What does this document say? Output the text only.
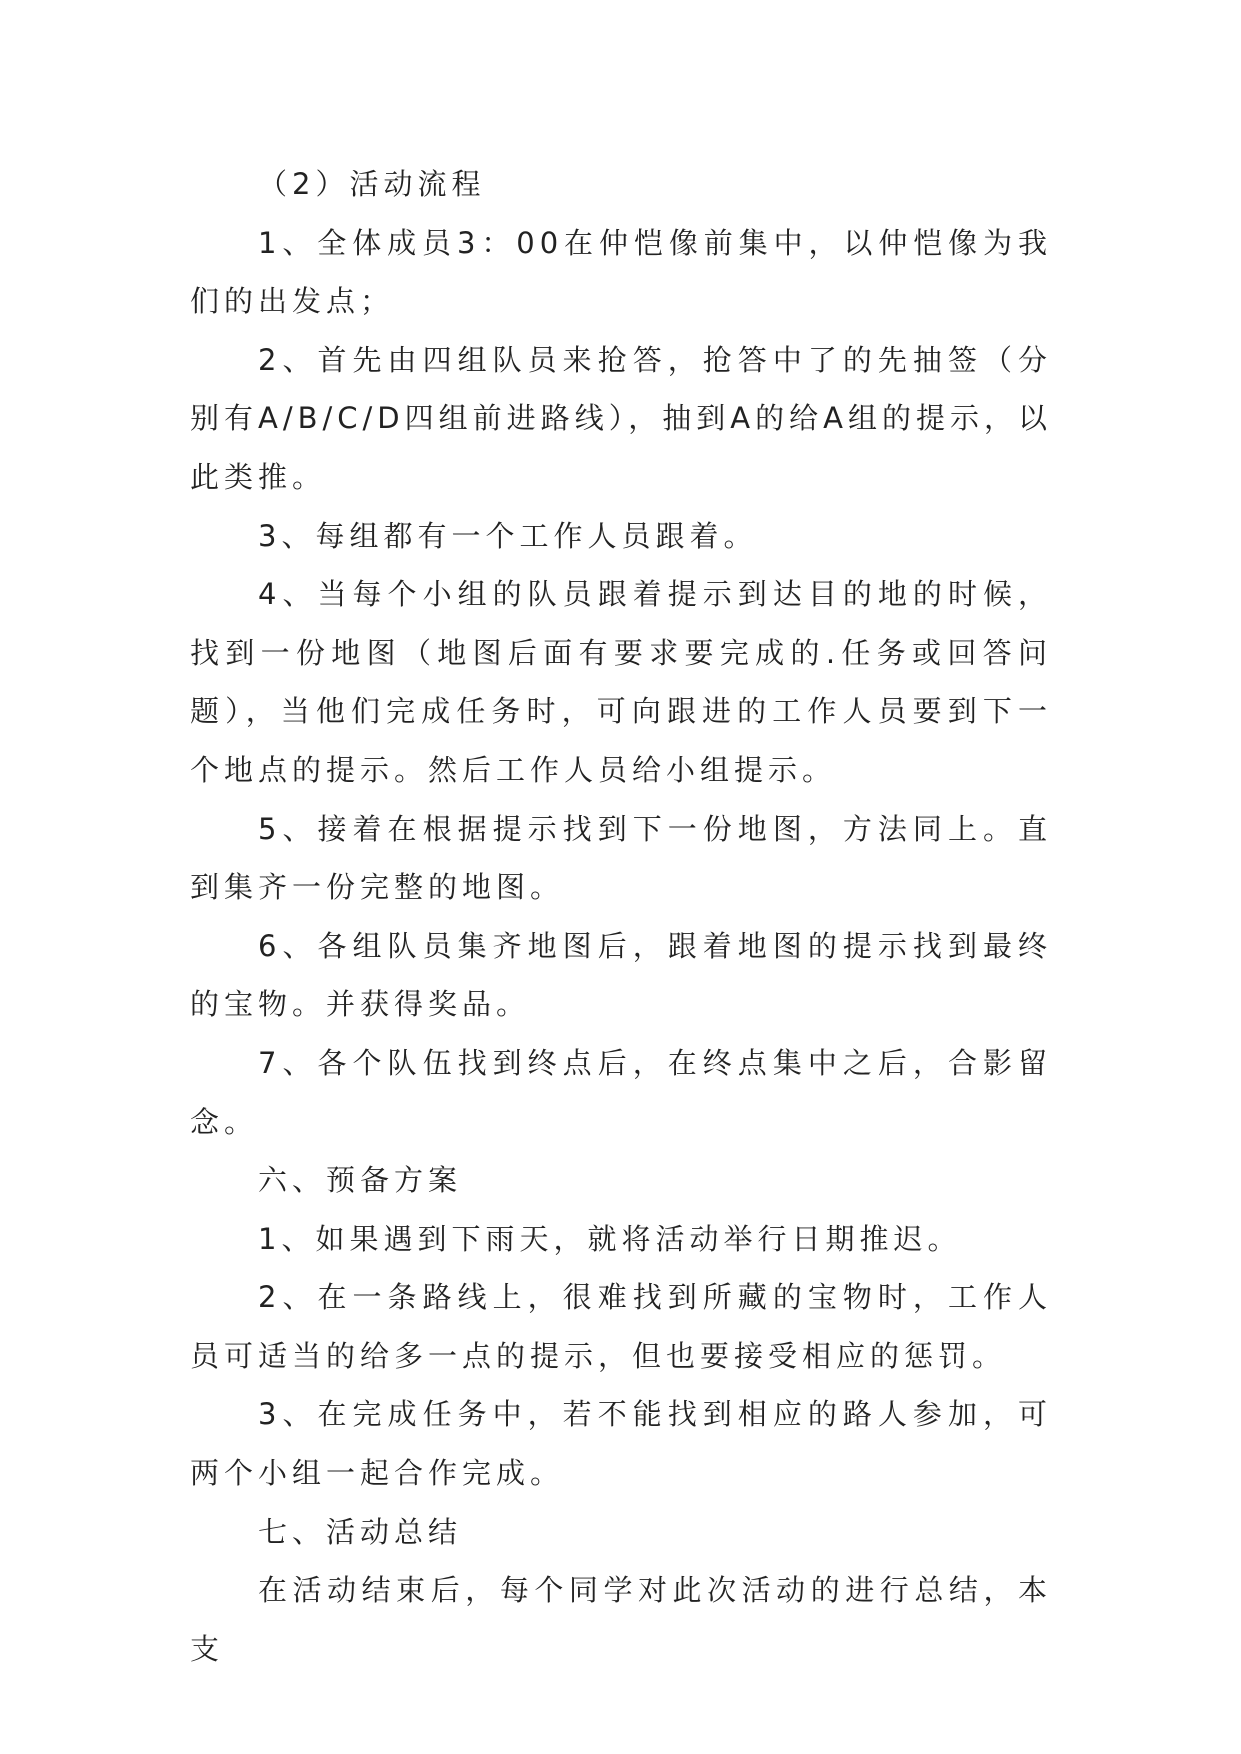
（2）活动流程

1、全体成员3：00在仲恺像前集中，以仲恺像为我们的出发点；

2、首先由四组队员来抢答，抢答中了的先抽签（分别有A/B/C/D四组前进路线），抽到A的给A组的提示，以此类推。

3、每组都有一个工作人员跟着。

4、当每个小组的队员跟着提示到达目的地的时候，找到一份地图（地图后面有要求要完成的.任务或回答问题），当他们完成任务时，可向跟进的工作人员要到下一个地点的提示。然后工作人员给小组提示。

5、接着在根据提示找到下一份地图，方法同上。直到集齐一份完整的地图。

6、各组队员集齐地图后，跟着地图的提示找到最终的宝物。并获得奖品。

7、各个队伍找到终点后，在终点集中之后，合影留念。

六、预备方案

1、如果遇到下雨天，就将活动举行日期推迟。

2、在一条路线上，很难找到所藏的宝物时，工作人员可适当的给多一点的提示，但也要接受相应的惩罚。

3、在完成任务中，若不能找到相应的路人参加，可两个小组一起合作完成。

七、活动总结

在活动结束后，每个同学对此次活动的进行总结，本支
